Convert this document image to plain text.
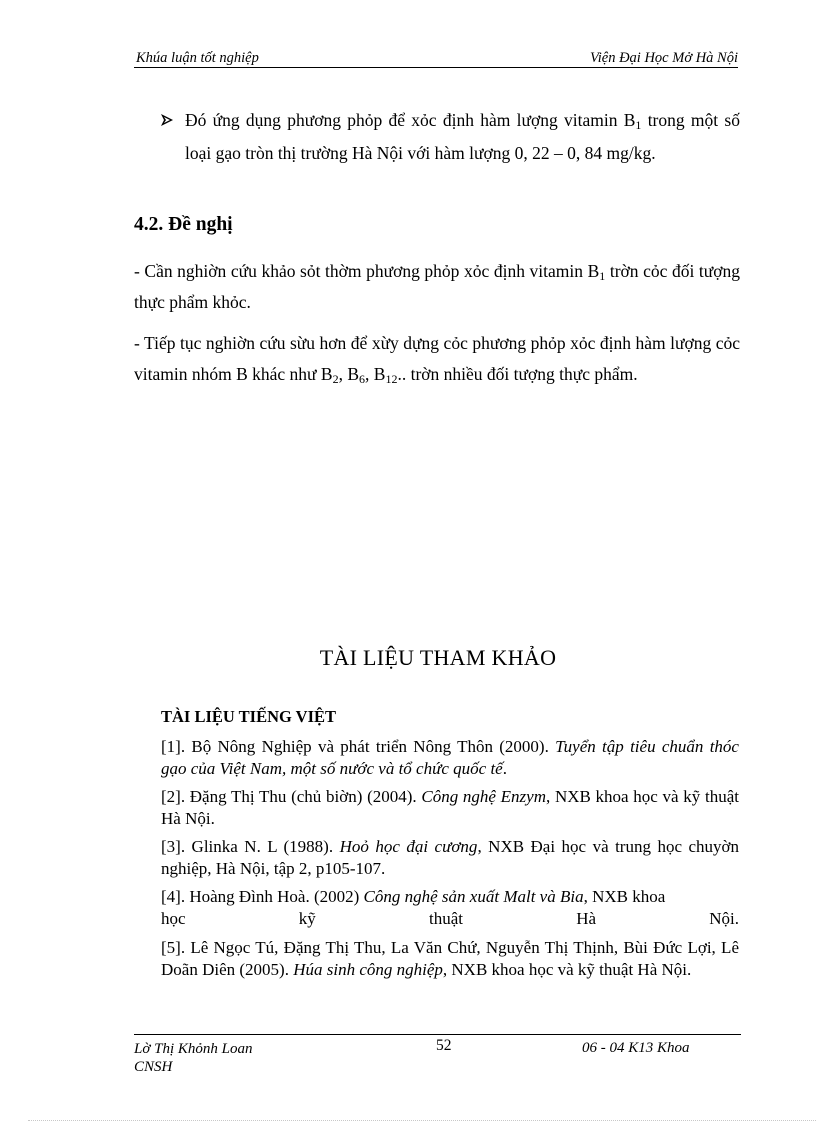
Khúa luận tốt nghiệp	Viện Đại Học Mở Hà Nội
Đó ứng dụng phương phỏp để xỏc định hàm lượng vitamin $B_1$ trong một số loại gạo tròn thị trường Hà Nội với hàm lượng 0, 22 – 0, 84 mg/kg.
4.2. Đề nghị
- Cần nghiờn cứu khảo sỏt thờm phương phỏp xỏc định vitamin $B_1$ trờn cỏc đối tượng thực phẩm khỏc.
- Tiếp tục nghiờn cứu sừu hơn để xừy dựng cỏc phương phỏp xỏc định hàm lượng cỏc vitamin nhóm B khác như $B_2$, $B_6$, $B_{12}$.. trờn nhiều đối tượng thực phẩm.
TÀI LIỆU THAM KHẢO
TÀI LIỆU TIẾNG VIỆT
[1]. Bộ Nông Nghiệp và phát triển Nông Thôn (2000). Tuyển tập tiêu chuẩn thóc gạo của Việt Nam, một số nước và tổ chức quốc tế.
[2]. Đặng Thị Thu (chủ biờn) (2004). Công nghệ Enzym, NXB khoa học và kỹ thuật Hà Nội.
[3]. Glinka N. L (1988). Hoỏ học đại cương, NXB Đại học và trung học chuyờn nghiệp, Hà Nội, tập 2, p105-107.
[4]. Hoàng Đình Hoà. (2002) Công nghệ sản xuất Malt và Bia, NXB khoa
học	kỹ	thuật	Hà	Nội.
[5]. Lê Ngọc Tú, Đặng Thị Thu, La Văn Chứ, Nguyễn Thị Thịnh, Bùi Đức Lợi, Lê Doãn Diên (2005). Húa sinh công nghiệp, NXB khoa học và kỹ thuật Hà Nội.
Lờ Thị Khỏnh Loan CNSH
52	06 - 04 K13 Khoa
